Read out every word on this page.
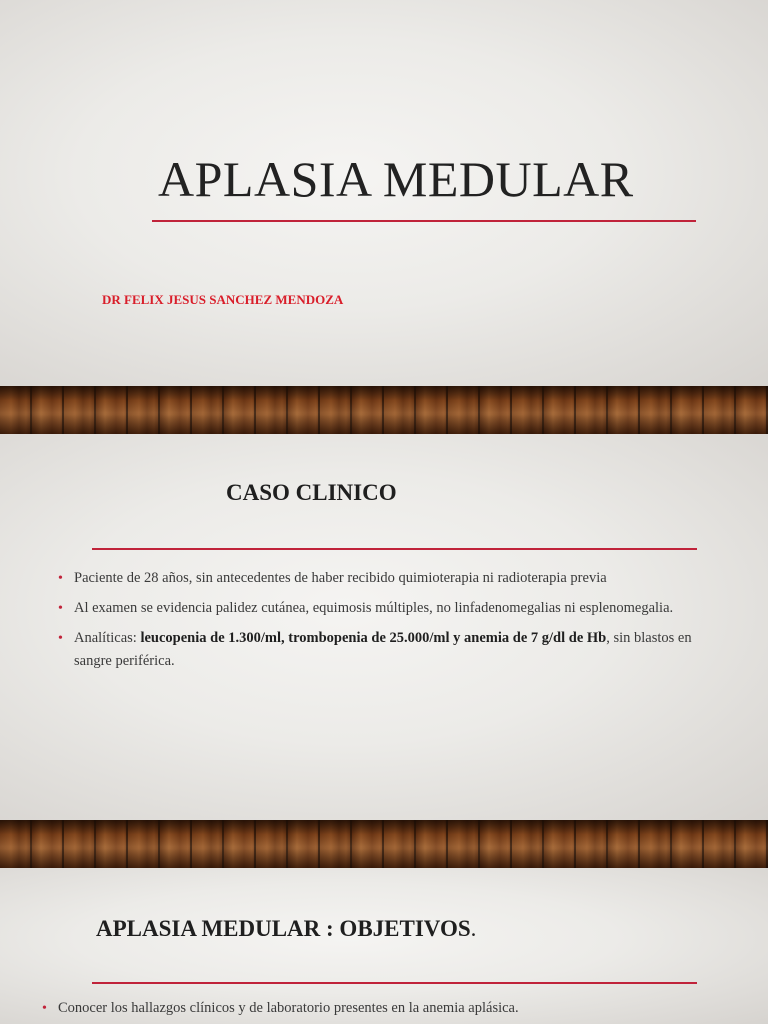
APLASIA MEDULAR
DR FELIX JESUS SANCHEZ MENDOZA
CASO CLINICO
• Paciente de 28 años, sin antecedentes de haber recibido quimioterapia ni radioterapia previa
• Al examen se evidencia palidez cutánea, equimosis múltiples, no linfadenomegalias ni esplenomegalia.
• Analíticas: leucopenia de 1.300/ml, trombopenia de 25.000/ml y anemia de 7 g/dl de Hb, sin blastos en sangre periférica.
APLASIA MEDULAR : OBJETIVOS.
• Conocer los hallazgos clínicos y de laboratorio presentes en la anemia aplásica.
